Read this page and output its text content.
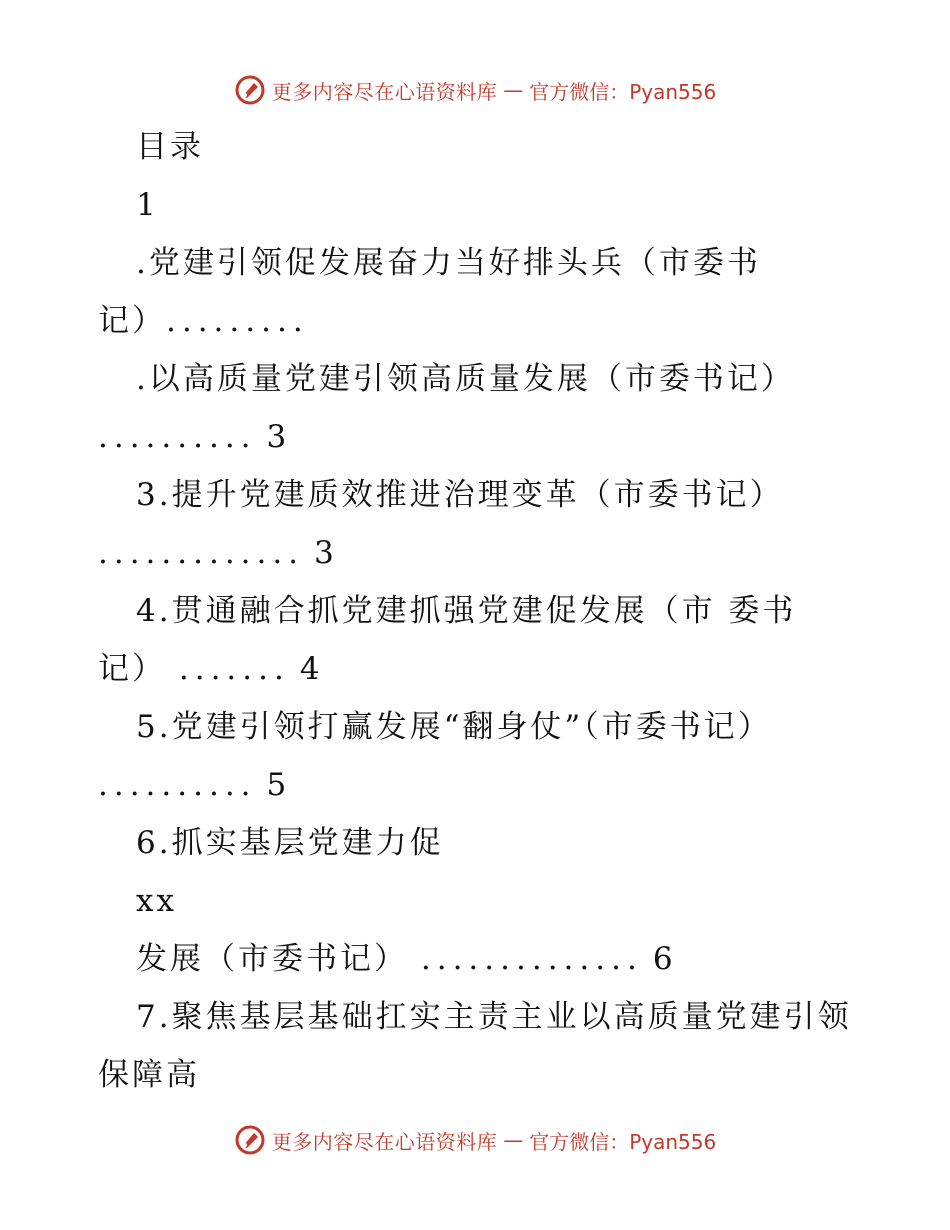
更多内容尽在心语资料库 — 官方微信：Pyan556
目录
1
.党建引领促发展奋力当好排头兵（市委书
记）.........
.以高质量党建引领高质量发展（市委书记）
.......... 3
3.提升党建质效推进治理变革（市委书记）
............. 3
4.贯通融合抓党建抓强党建促发展（市 委书
记） ....... 4
5.党建引领打赢发展“翻身仗”（市委书记）
.......... 5
6.抓实基层党建力促
xx
发展（市委书记） .............. 6
7.聚焦基层基础扛实主责主业以高质量党建引领
保障高
更多内容尽在心语资料库 — 官方微信：Pyan556
